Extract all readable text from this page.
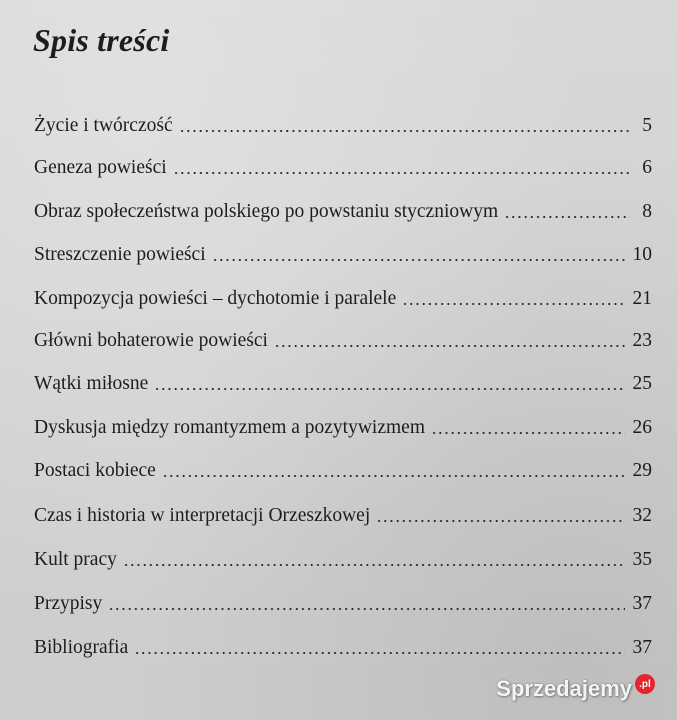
Spis treści
Życie i twórczość	5
Geneza powieści	6
Obraz społeczeństwa polskiego po powstaniu styczniowym	8
Streszczenie powieści	10
Kompozycja powieści – dychotomie i paralele	21
Główni bohaterowie powieści	23
Wątki miłosne	25
Dyskusja między romantyzmem a pozytywizmem	26
Postaci kobiece	29
Czas i historia w interpretacji Orzeszkowej	32
Kult pracy	35
Przypisy	37
Bibliografia	37
Sprzedajemy .pl
